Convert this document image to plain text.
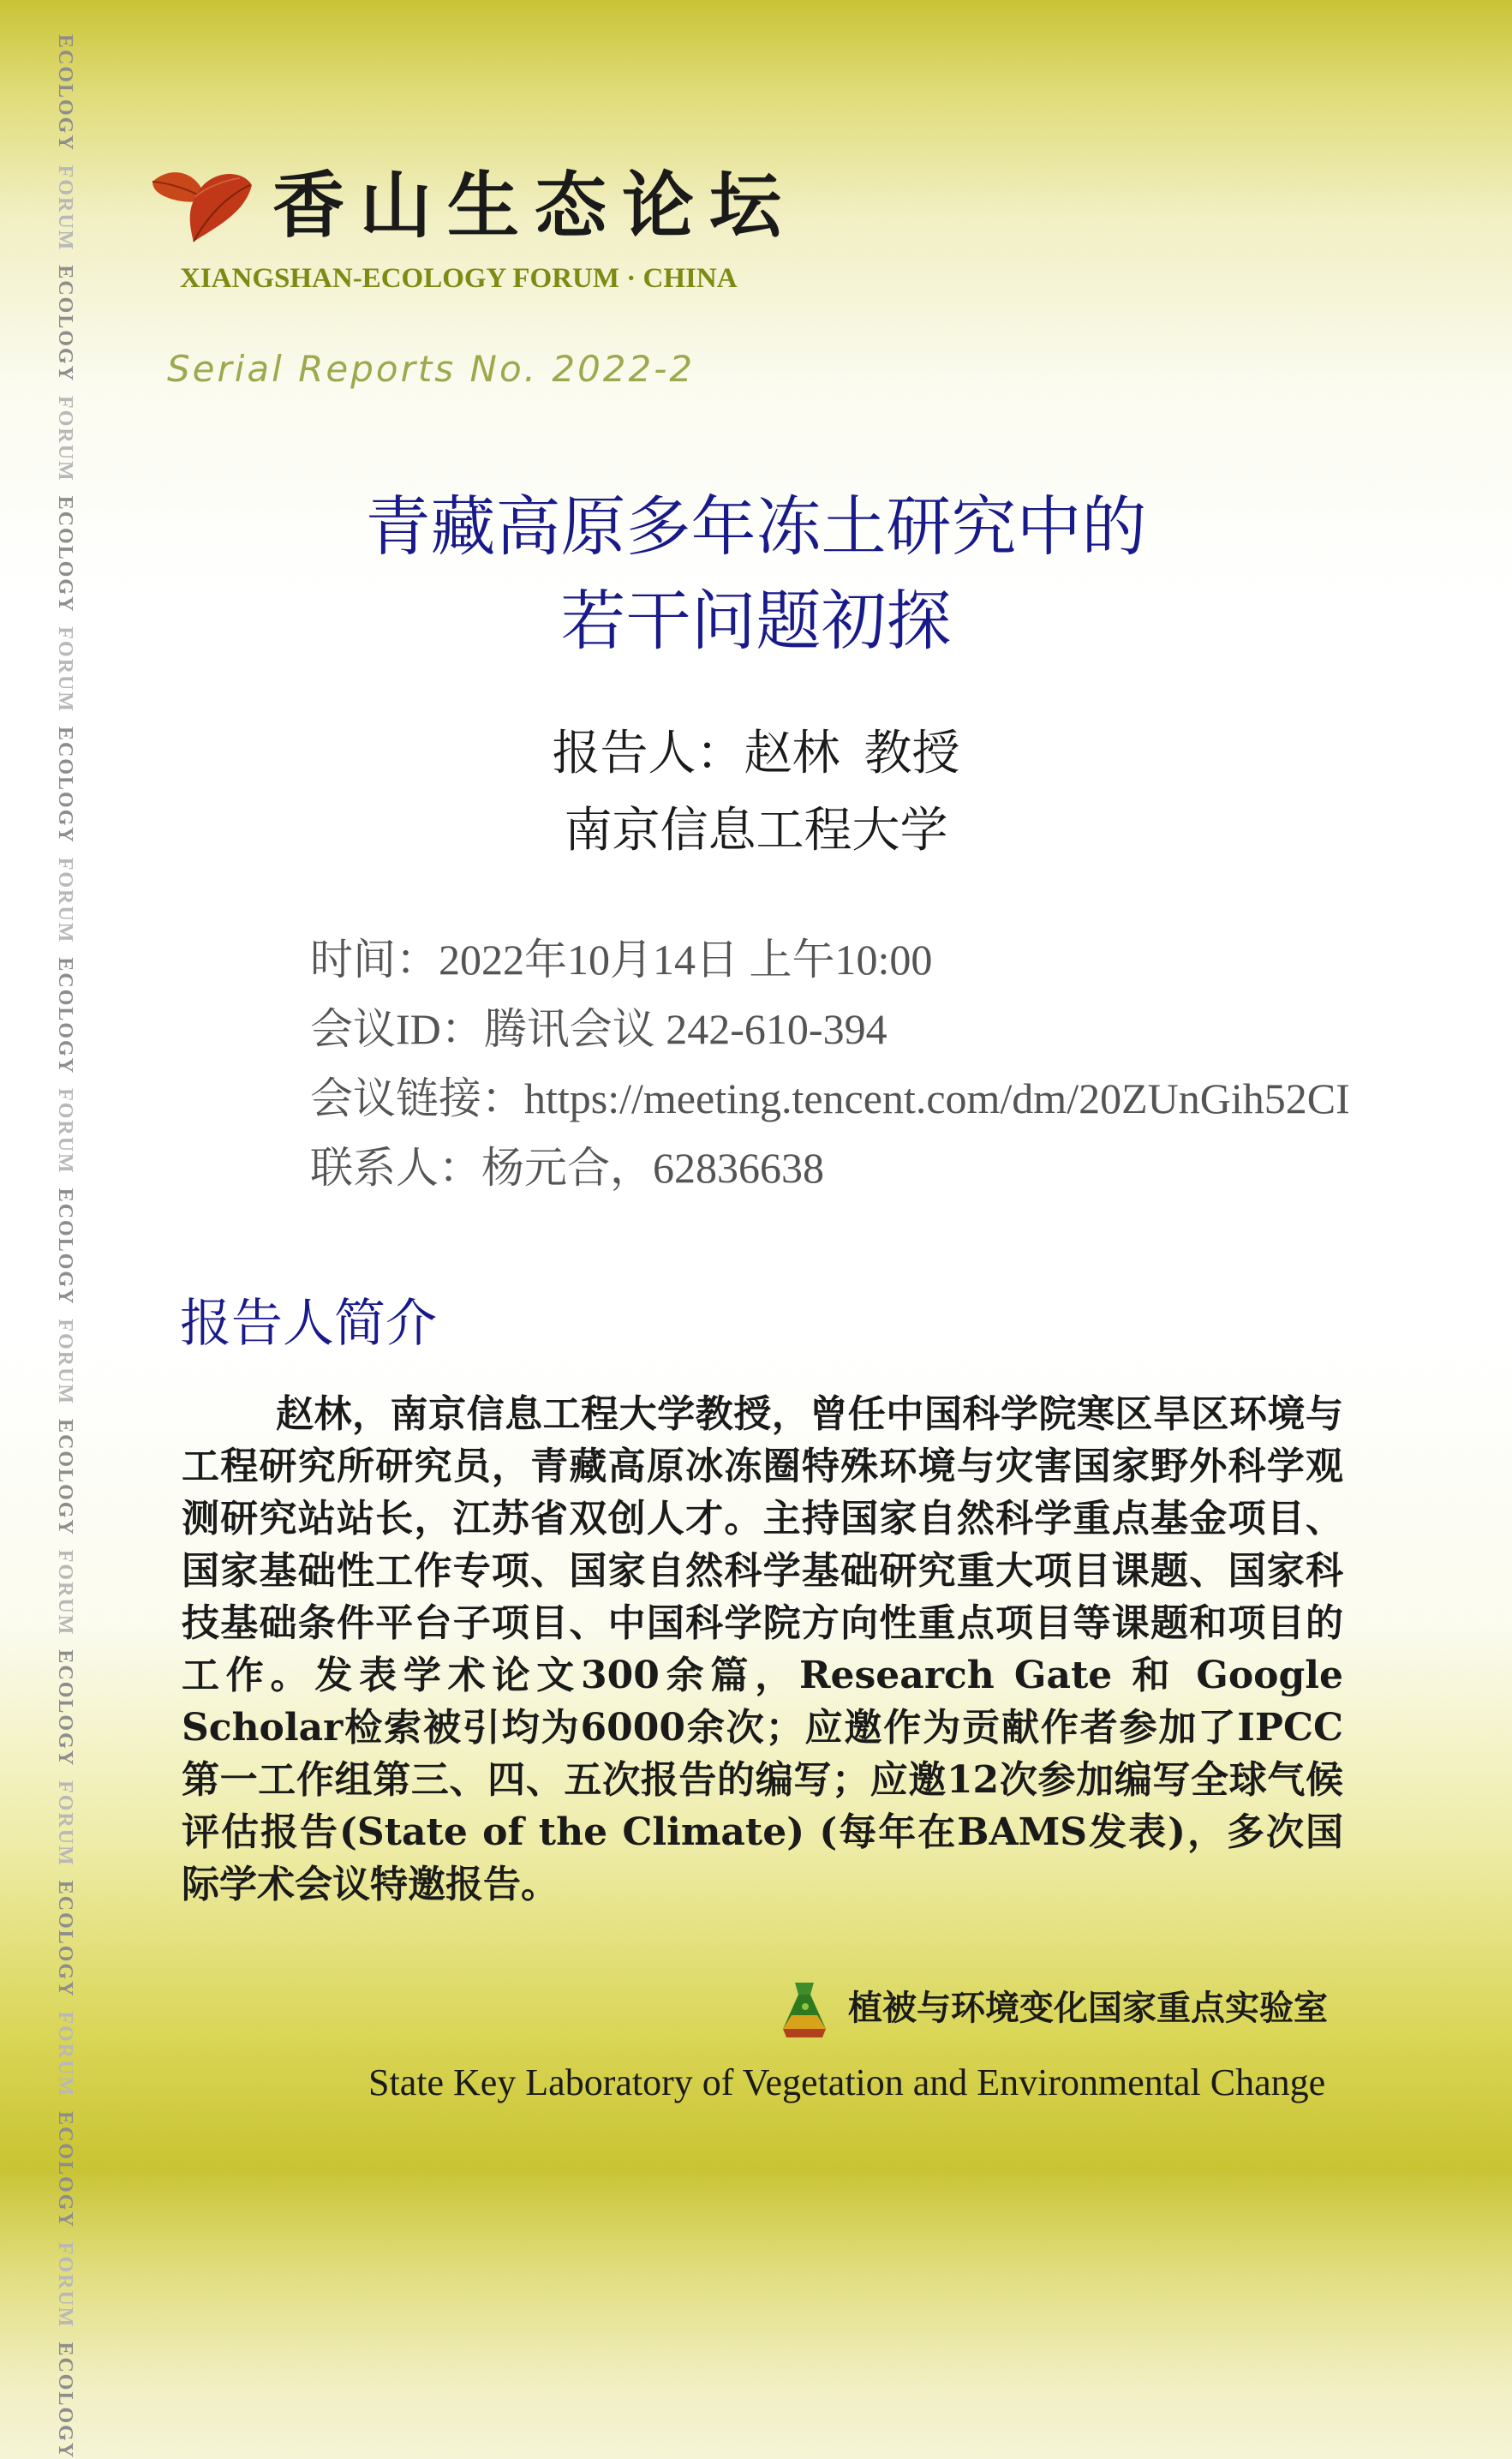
ECOLOGY  FORUM  ECOLOGY  FORUM  ECOLOGY  FORUM  ECOLOGY  FORUM  ECOLOGY  FORUM  ECOLOGY  FORUM  ECOLOGY  FORUM  ECOLOGY  FORUM  ECOLOGY  FORUM  ECOLOGY  FORUM  ECOLOGY
香山生态论坛
XIANGSHAN-ECOLOGY FORUM · CHINA
Serial Reports No. 2022-2
青藏高原多年冻土研究中的
若干问题初探
报告人：赵林 教授
南京信息工程大学
时间：2022年10月14日 上午10:00
会议ID：腾讯会议 242-610-394
会议链接：https://meeting.tencent.com/dm/20ZUnGih52CI
联系人：杨元合，62836638
报告人简介
赵林，南京信息工程大学教授，曾任中国科学院寒区旱区环境与工程研究所研究员，青藏高原冰冻圈特殊环境与灾害国家野外科学观测研究站站长，江苏省双创人才。主持国家自然科学重点基金项目、国家基础性工作专项、国家自然科学基础研究重大项目课题、国家科技基础条件平台子项目、中国科学院方向性重点项目等课题和项目的工作。发表学术论文300余篇，Research Gate 和 Google Scholar检索被引均为6000余次；应邀作为贡献作者参加了IPCC第一工作组第三、四、五次报告的编写；应邀12次参加编写全球气候评估报告(State of the Climate) (每年在BAMS发表)，多次国际学术会议特邀报告。
植被与环境变化国家重点实验室
State Key Laboratory of Vegetation and Environmental Change
